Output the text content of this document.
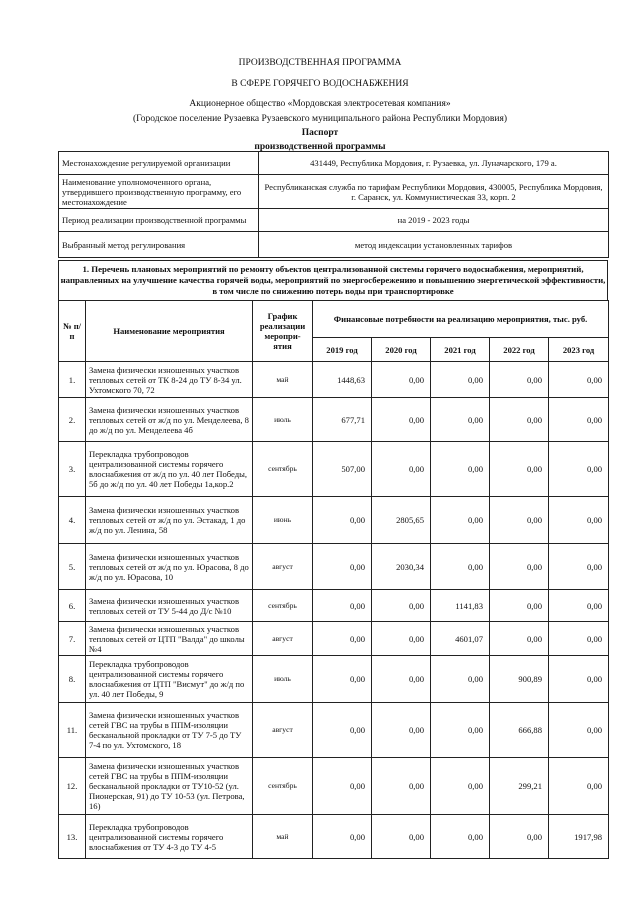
ПРОИЗВОДСТВЕННАЯ ПРОГРАММА
В СФЕРЕ ГОРЯЧЕГО ВОДОСНАБЖЕНИЯ
Акционерное общество «Мордовская электросетевая компания»
(Городское поселение Рузаевка Рузаевского муниципального района Республики Мордовия)
Паспорт
производственной программы
Местонахождение регулируемой организации	431449, Республика Мордовия, г. Рузаевка, ул. Луначарского, 179 а.
Наименование уполномоченного органа, утвердившего производственную программу, его местонахождение	Республиканская служба по тарифам Республики Мордовия, 430005, Республика Мордовия, г. Саранск, ул. Коммунистическая 33, корп. 2
Период реализации производственной программы	на 2019 - 2023 годы
Выбранный метод регулирования	метод индексации установленных тарифов
1. Перечень плановых мероприятий по ремонту объектов централизованной системы горячего водоснабжения, мероприятий, направленных на улучшение качества горячей воды, мероприятий по энергосбережению и повышению энергетической эффективности, в том числе по снижению потерь воды при транспортировке
№ п/п	Наименование мероприятия	График реализации меропри-ятия	Финансовые потребности на реализацию мероприятия, тыс. руб.				
			2019 год	2020 год	2021 год	2022 год	2023 год
1.	Замена физически изношенных участков тепловых сетей от ТК 8-24 до ТУ 8-34 ул. Ухтомского 70, 72	май	1448,63	0,00	0,00	0,00	0,00
2.	Замена физически изношенных участков тепловых сетей от ж/д по ул. Менделеева, 8 до ж/д по ул. Менделеева 4б	июль	677,71	0,00	0,00	0,00	0,00
3.	Перекладка трубопроводов централизованной системы горячего влоснабжения от ж/д по ул. 40 лет Победы, 5б до ж/д по ул. 40 лет Победы 1а,кор.2	сентябрь	507,00	0,00	0,00	0,00	0,00
4.	Замена физически изношенных участков тепловых сетей от ж/д по ул. Эстакад, 1 до ж/д по ул. Ленина, 58	июнь	0,00	2805,65	0,00	0,00	0,00
5.	Замена физически изношенных участков тепловых сетей от ж/д по ул. Юрасова, 8 до ж/д по ул. Юрасова, 10	август	0,00	2030,34	0,00	0,00	0,00
6.	Замена физически изношенных участков тепловых сетей от ТУ 5-44 до Д/с №10	сентябрь	0,00	0,00	1141,83	0,00	0,00
7.	Замена физически изношенных участков тепловых сетей от ЦТП "Валда" до школы №4	август	0,00	0,00	4601,07	0,00	0,00
8.	Перекладка трубопроводов централизованной системы горячего влоснабжения от ЦТП "Висмут" до ж/д по ул. 40 лет Победы, 9	июль	0,00	0,00	0,00	900,89	0,00
11.	Замена физически изношенных участков сетей ГВС на трубы в ППМ-изоляции бесканальной прокладки от ТУ 7-5 до ТУ 7-4 по ул. Ухтомского, 18	август	0,00	0,00	0,00	666,88	0,00
12.	Замена физически изношенных участков сетей ГВС на трубы в ППМ-изоляции бесканальной прокладки от ТУ10-52 (ул. Пионерская, 91) до ТУ 10-53 (ул. Петрова, 16)	сентябрь	0,00	0,00	0,00	299,21	0,00
13.	Перекладка трубопроводов централизованной системы горячего влоснабжения от ТУ 4-3 до ТУ 4-5	май	0,00	0,00	0,00	0,00	1917,98
